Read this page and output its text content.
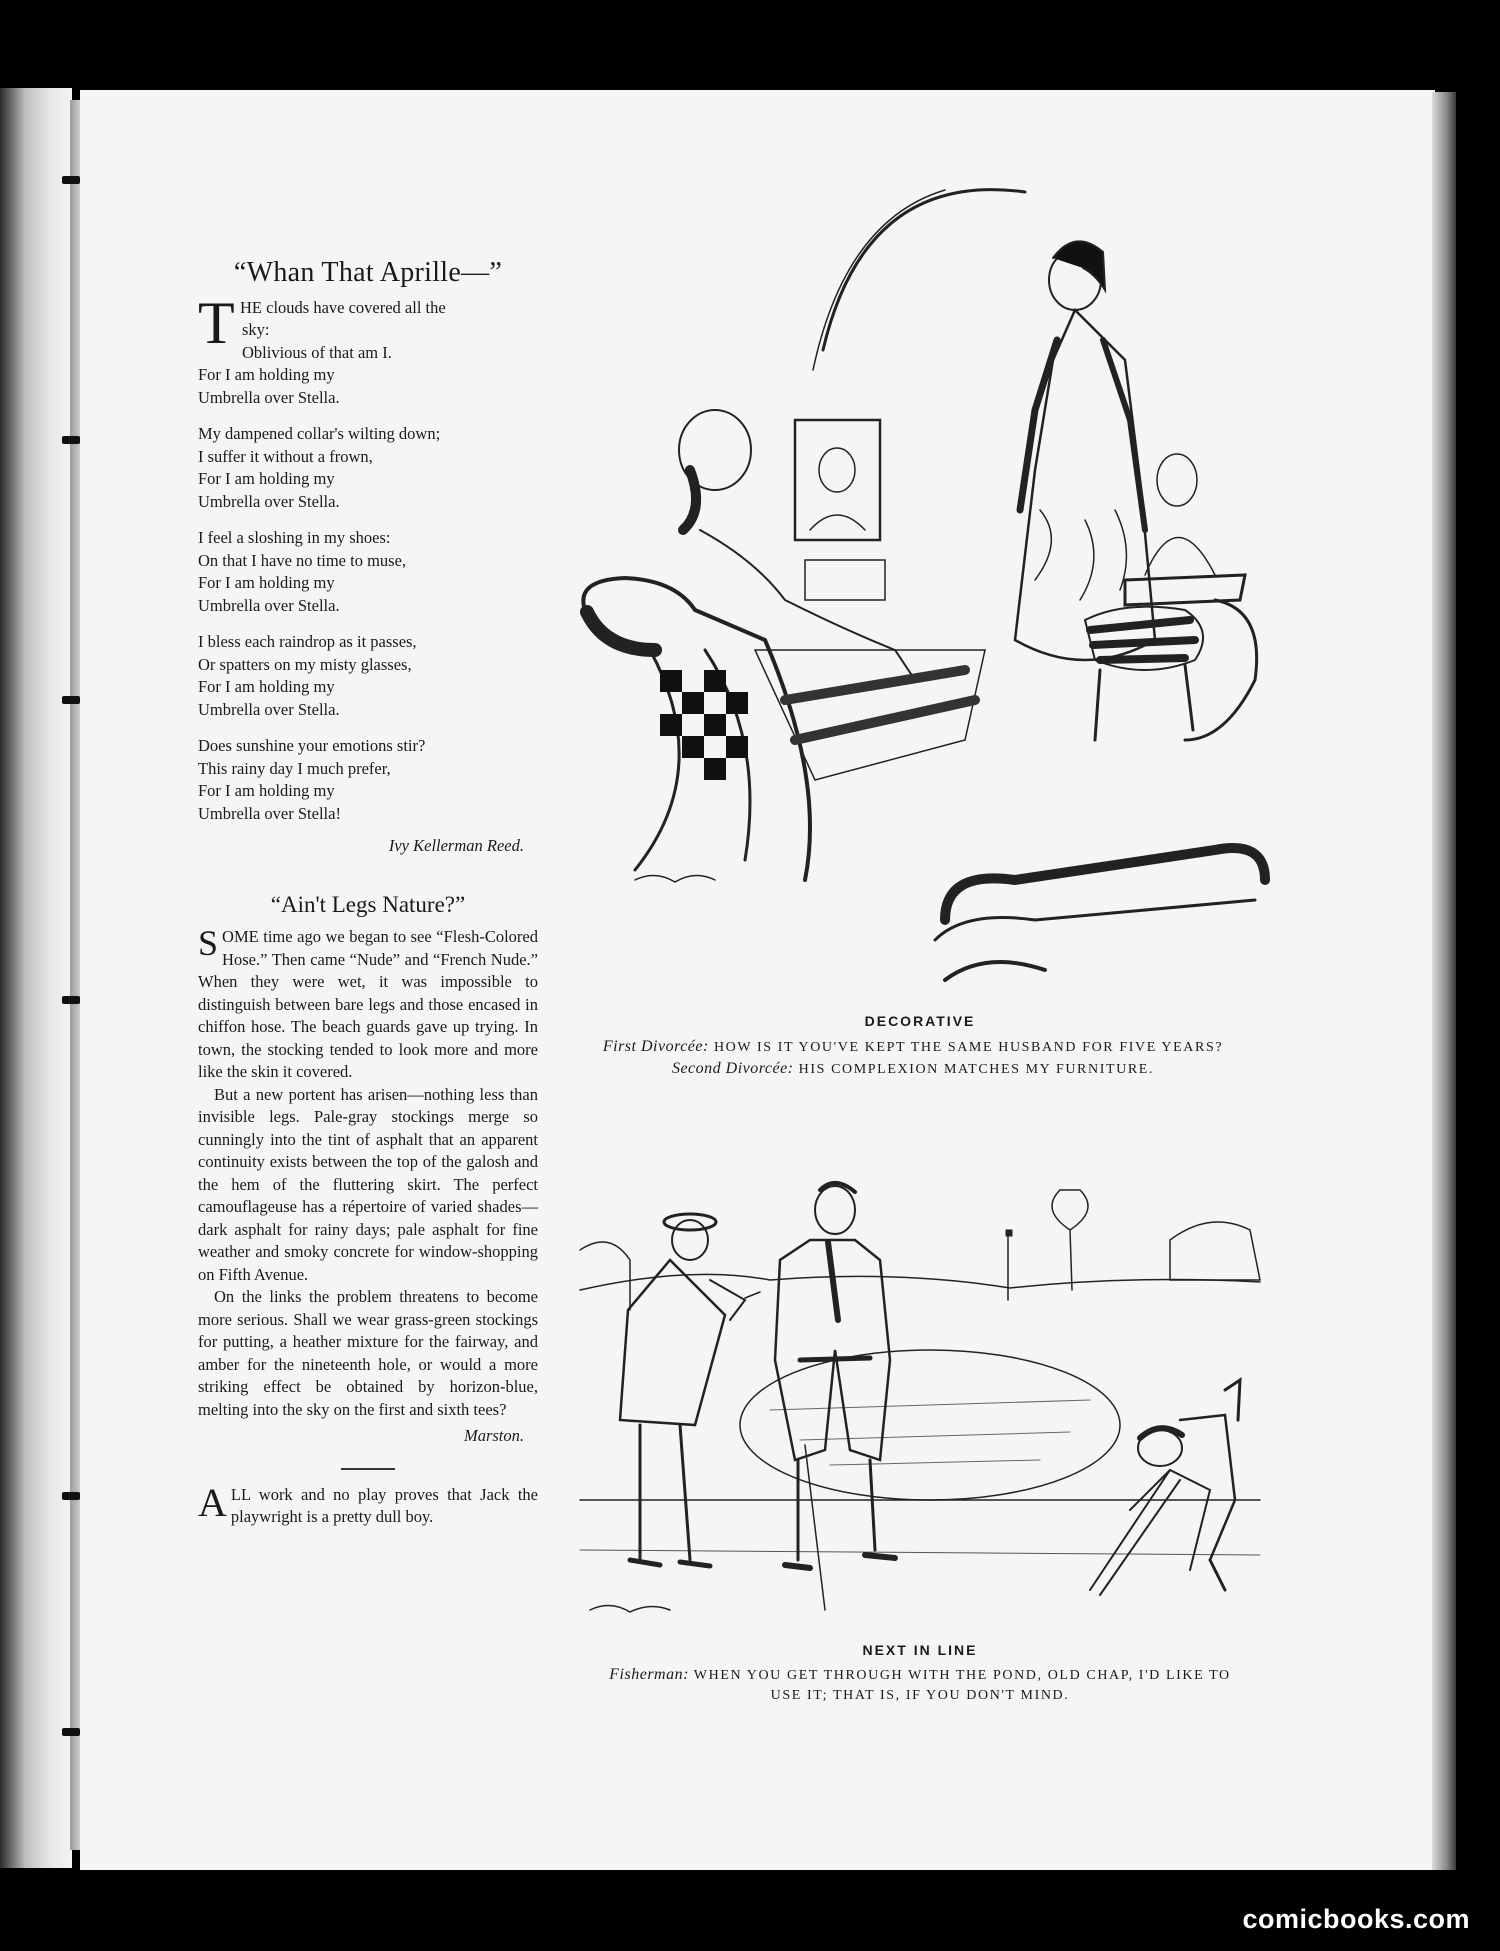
· LIFE ·	27
“Whan That Aprille—”
T HE clouds have covered all the
sky:
Oblivious of that am I.
For I am holding my
Umbrella over Stella.
My dampened collar's wilting down;
I suffer it without a frown,
For I am holding my
Umbrella over Stella.
I feel a sloshing in my shoes:
On that I have no time to muse,
For I am holding my
Umbrella over Stella.
I bless each raindrop as it passes,
Or spatters on my misty glasses,
For I am holding my
Umbrella over Stella.
Does sunshine your emotions stir?
This rainy day I much prefer,
For I am holding my
Umbrella over Stella!
Ivy Kellerman Reed.
“Ain't Legs Nature?”

SOME time ago we began to see “Flesh-Colored Hose.” Then came “Nude” and “French Nude.” When they were wet, it was impossible to distinguish between bare legs and those encased in chiffon hose. The beach guards gave up trying. In town, the stocking tended to look more and more like the skin it covered.

But a new portent has arisen—nothing less than invisible legs. Pale-gray stockings merge so cunningly into the tint of asphalt that an apparent continuity exists between the top of the galosh and the hem of the fluttering skirt. The perfect camouflageuse has a répertoire of varied shades—dark asphalt for rainy days; pale asphalt for fine weather and smoky concrete for window-shopping on Fifth Avenue.

On the links the problem threatens to become more serious. Shall we wear grass-green stockings for putting, a heather mixture for the fairway, and amber for the nineteenth hole, or would a more striking effect be obtained by horizon-blue, melting into the sky on the first and sixth tees?

Marston.
ALL work and no play proves that Jack the playwright is a pretty dull boy.
DECORATIVE
First Divorcée: HOW IS IT YOU'VE KEPT THE SAME HUSBAND FOR FIVE YEARS?
Second Divorcée: HIS COMPLEXION MATCHES MY FURNITURE.
NEXT IN LINE
Fisherman: WHEN YOU GET THROUGH WITH THE POND, OLD CHAP, I'D LIKE TO
USE IT; THAT IS, IF YOU DON'T MIND.
comicbooks.com
